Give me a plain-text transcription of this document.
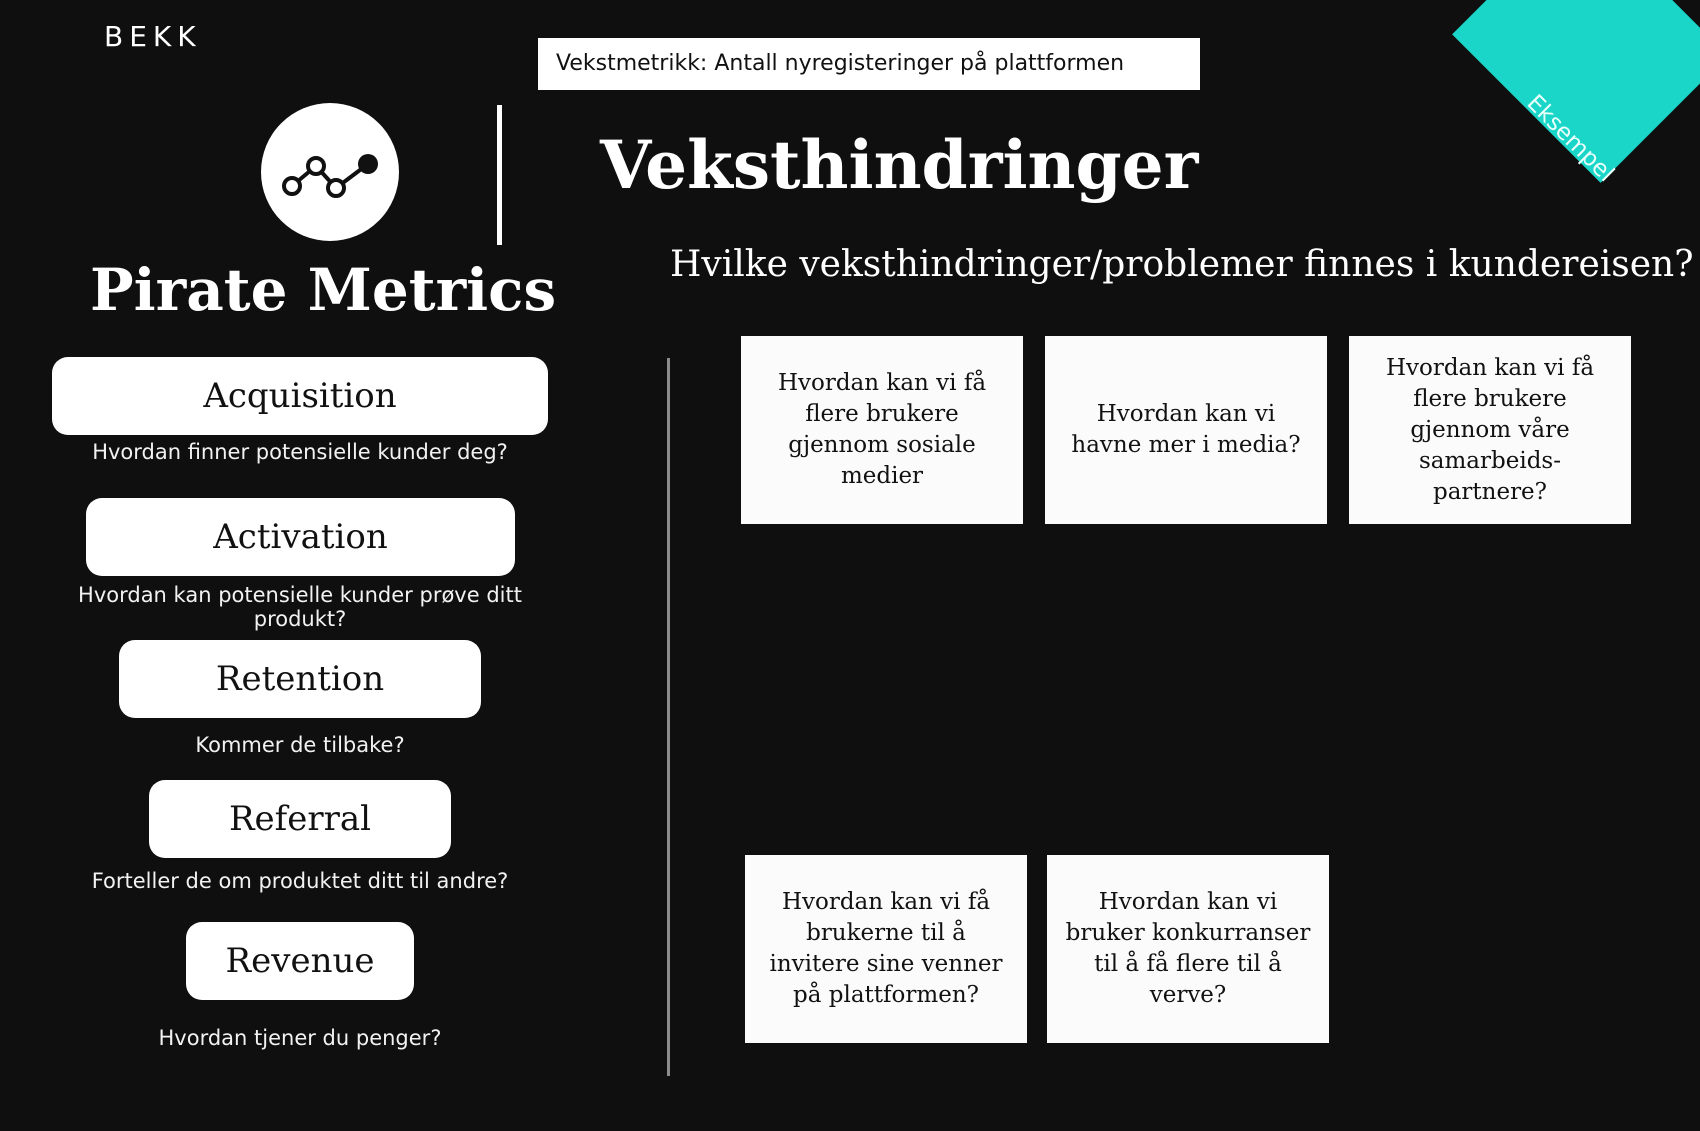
BEKK
Vekstmetrikk: Antall nyregisteringer på plattformen
Eksempel
Veksthindringer
Hvilke veksthindringer/problemer finnes i kundereisen?
Pirate Metrics
Acquisition
Hvordan finner potensielle kunder deg?
Activation
Hvordan kan potensielle kunder prøve ditt produkt?
Retention
Kommer de tilbake?
Referral
Forteller de om produktet ditt til andre?
Revenue
Hvordan tjener du penger?
Hvordan kan vi få flere brukere gjennom sosiale medier
Hvordan kan vi havne mer i media?
Hvordan kan vi få flere brukere gjennom våre samarbeids-partnere?
Hvordan kan vi få brukerne til å invitere sine venner på plattformen?
Hvordan kan vi bruker konkurranser til å få flere til å verve?
